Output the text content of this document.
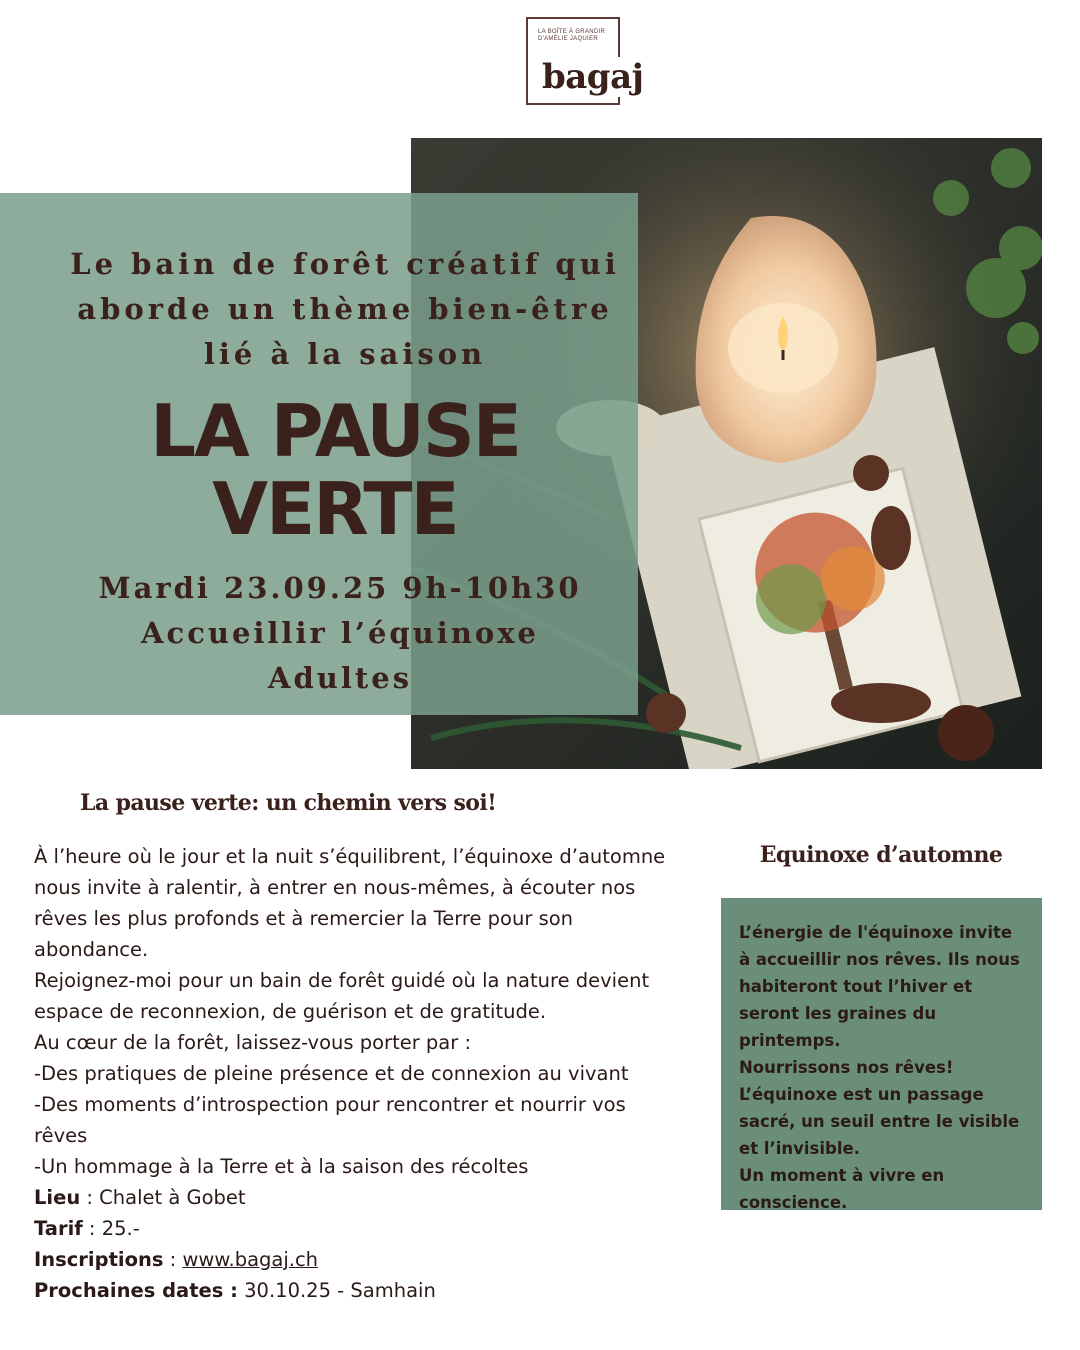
LA BOÎTE À GRANDIR
D'AMÉLIE JAQUIER
bagaj
Le bain de forêt créatif qui
aborde un thème bien-être
lié à la saison
LA PAUSE
VERTE
Mardi 23.09.25 9h-10h30
Accueillir l’équinoxe
Adultes
La pause verte: un chemin vers soi!

À l’heure où le jour et la nuit s’équilibrent, l’équinoxe d’automne nous invite à ralentir, à entrer en nous-mêmes, à écouter nos rêves les plus profonds et à remercier la Terre pour son abondance.

Rejoignez-moi pour un bain de forêt guidé où la nature devient espace de reconnexion, de guérison et de gratitude.

Au cœur de la forêt, laissez-vous porter par :

-Des pratiques de pleine présence et de connexion au vivant

-Des moments d’introspection pour rencontrer et nourrir vos rêves

-Un hommage à la Terre et à la saison des récoltes

Lieu : Chalet à Gobet

Tarif : 25.-

Inscriptions : www.bagaj.ch

Prochaines dates : 30.10.25 - Samhain

Equinoxe d’automne

L’énergie de l'équinoxe invite à accueillir nos rêves. Ils nous habiteront tout l’hiver et seront les graines du printemps.

Nourrissons nos rêves!

L’équinoxe est un passage sacré, un seuil entre le visible et l’invisible.

Un moment à vivre en conscience.
